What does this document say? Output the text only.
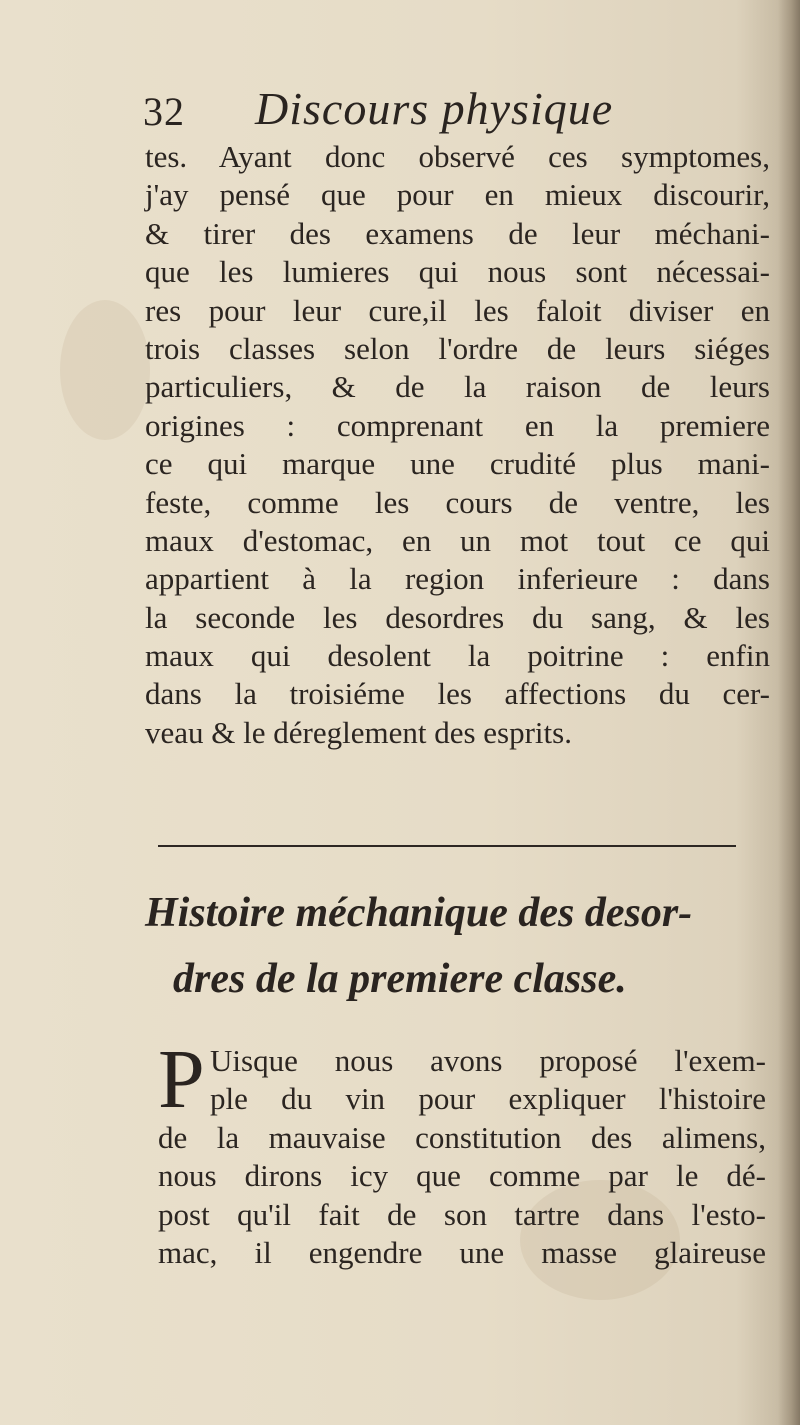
32 Discours physique
tes. Ayant donc observé ces symptomes,
j'ay pensé que pour en mieux discourir,
& tirer des examens de leur méchani-
que les lumieres qui nous sont nécessai-
res pour leur cure,il les faloit diviser en
trois classes selon l'ordre de leurs siéges
particuliers, & de la raison de leurs
origines : comprenant en la premiere
ce qui marque une crudité plus mani-
feste, comme les cours de ventre, les
maux d'estomac, en un mot tout ce qui
appartient à la region inferieure : dans
la seconde les desordres du sang, & les
maux qui desolent la poitrine : enfin
dans la troisiéme les affections du cer-
veau & le déreglement des esprits.
Histoire méchanique des desor-
dres de la premiere classe.
P Uisque nous avons proposé l'exem-
ple du vin pour expliquer l'histoire
de la mauvaise constitution des alimens,
nous dirons icy que comme par le dé-
post qu'il fait de son tartre dans l'esto-
mac, il engendre une masse glaireuse
